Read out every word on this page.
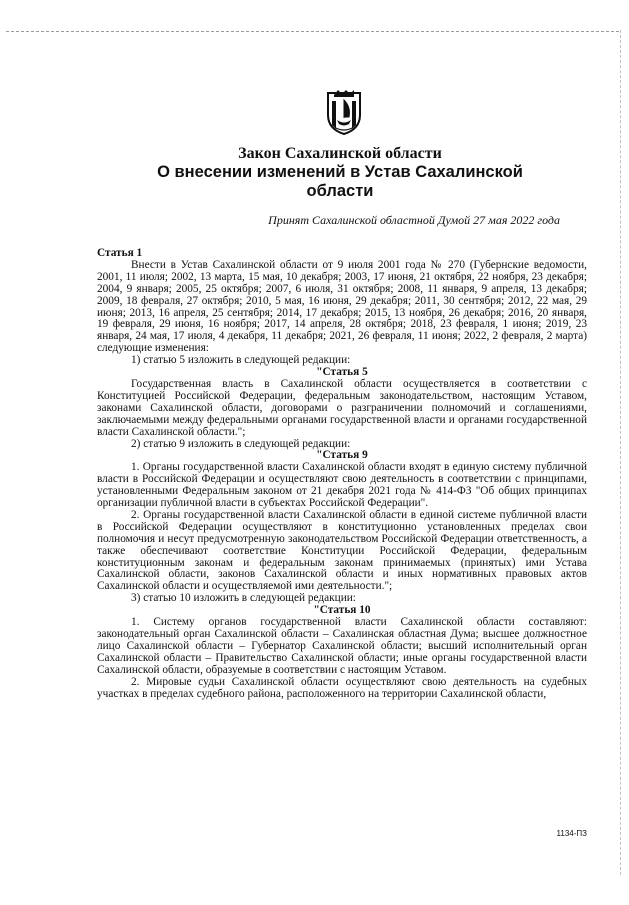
Закон Сахалинской области
О внесении изменений в Устав Сахалинской
области
Принят Сахалинской областной Думой 27 мая 2022 года

Статья 1

Внести в Устав Сахалинской области от 9 июля 2001 года № 270 (Губернские ведомости, 2001, 11 июля; 2002, 13 марта, 15 мая, 10 декабря; 2003, 17 июня, 21 октября, 22 ноября, 23 декабря; 2004, 9 января; 2005, 25 октября; 2007, 6 июля, 31 октября; 2008, 11 января, 9 апреля, 13 декабря; 2009, 18 февраля, 27 октября; 2010, 5 мая, 16 июня, 29 декабря; 2011, 30 сентября; 2012, 22 мая, 29 июня; 2013, 16 апреля, 25 сентября; 2014, 17 декабря; 2015, 13 ноября, 26 декабря; 2016, 20 января, 19 февраля, 29 июня, 16 ноября; 2017, 14 апреля, 28 октября; 2018, 23 февраля, 1 июня; 2019, 23 января, 24 мая, 17 июля, 4 декабря, 11 декабря; 2021, 26 февраля, 11 июня; 2022, 2 февраля, 2 марта) следующие изменения:

1) статью 5 изложить в следующей редакции:

"Статья 5

Государственная власть в Сахалинской области осуществляется в соответствии с Конституцией Российской Федерации, федеральным законодательством, настоящим Уставом, законами Сахалинской области, договорами о разграничении полномочий и соглашениями, заключаемыми между федеральными органами государственной власти и органами государственной власти Сахалинской области.";

2) статью 9 изложить в следующей редакции:

"Статья 9

1. Органы государственной власти Сахалинской области входят в единую систему публичной власти в Российской Федерации и осуществляют свою деятельность в соответствии с принципами, установленными Федеральным законом от 21 декабря 2021 года № 414-ФЗ "Об общих принципах организации публичной власти в субъектах Российской Федерации".

2. Органы государственной власти Сахалинской области в единой системе публичной власти в Российской Федерации осуществляют в конституционно установленных пределах свои полномочия и несут предусмотренную законодательством Российской Федерации ответственность, а также обеспечивают соответствие Конституции Российской Федерации, федеральным конституционным законам и федеральным законам принимаемых (принятых) ими Устава Сахалинской области, законов Сахалинской области и иных нормативных правовых актов Сахалинской области и осуществляемой ими деятельности.";

3) статью 10 изложить в следующей редакции:

"Статья 10

1. Систему органов государственной власти Сахалинской области составляют: законодательный орган Сахалинской области – Сахалинская областная Дума; высшее должностное лицо Сахалинской области – Губернатор Сахалинской области; высший исполнительный орган Сахалинской области – Правительство Сахалинской области; иные органы государственной власти Сахалинской области, образуемые в соответствии с настоящим Уставом.

2. Мировые судьи Сахалинской области осуществляют свою деятельность на судебных участках в пределах судебного района, расположенного на территории Сахалинской области,

1134-ПЗ
